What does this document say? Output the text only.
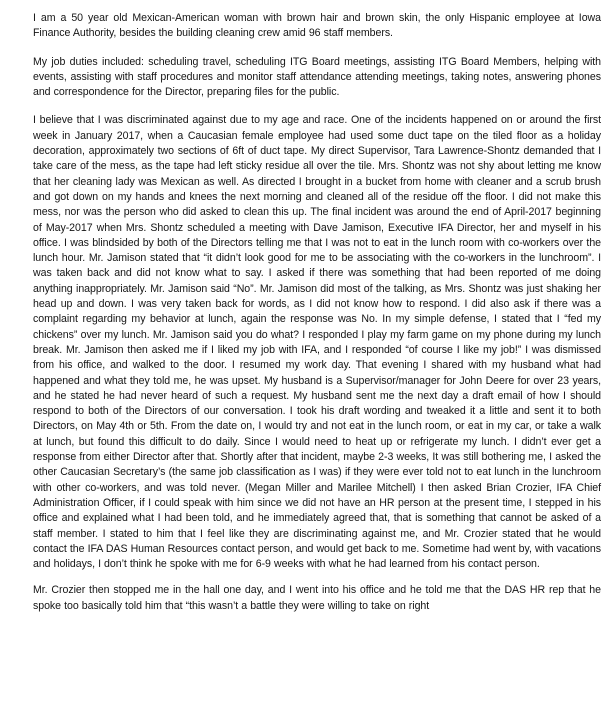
I am a 50 year old Mexican-American woman with brown hair and brown skin, the only Hispanic employee at Iowa Finance Authority, besides the building cleaning crew amid 96 staff members.

My job duties included: scheduling travel, scheduling ITG Board meetings, assisting ITG Board Members, helping with events, assisting with staff procedures and monitor staff attendance attending meetings, taking notes, answering phones and correspondence for the Director, preparing files for the public.

I believe that I was discriminated against due to my age and race. One of the incidents happened on or around the first week in January 2017, when a Caucasian female employee had used some duct tape on the tiled floor as a holiday decoration, approximately two sections of 6ft of duct tape. My direct Supervisor, Tara Lawrence-Shontz demanded that I take care of the mess, as the tape had left sticky residue all over the tile. Mrs. Shontz was not shy about letting me know that her cleaning lady was Mexican as well. As directed I brought in a bucket from home with cleaner and a scrub brush and got down on my hands and knees the next morning and cleaned all of the residue off the floor. I did not make this mess, nor was the person who did asked to clean this up. The final incident was around the end of April-2017 beginning of May-2017 when Mrs. Shontz scheduled a meeting with Dave Jamison, Executive IFA Director, her and myself in his office. I was blindsided by both of the Directors telling me that I was not to eat in the lunch room with co-workers over the lunch hour. Mr. Jamison stated that “it didn’t look good for me to be associating with the co-workers in the lunchroom”. I was taken back and did not know what to say. I asked if there was something that had been reported of me doing anything inappropriately. Mr. Jamison said “No”. Mr. Jamison did most of the talking, as Mrs. Shontz was just shaking her head up and down. I was very taken back for words, as I did not know how to respond. I did also ask if there was a complaint regarding my behavior at lunch, again the response was No. In my simple defense, I stated that I “fed my chickens” over my lunch. Mr. Jamison said you do what? I responded I play my farm game on my phone during my lunch break. Mr. Jamison then asked me if I liked my job with IFA, and I responded “of course I like my job!” I was dismissed from his office, and walked to the door. I resumed my work day. That evening I shared with my husband what had happened and what they told me, he was upset. My husband is a Supervisor/manager for John Deere for over 23 years, and he stated he had never heard of such a request. My husband sent me the next day a draft email of how I should respond to both of the Directors of our conversation. I took his draft wording and tweaked it a little and sent it to both Directors, on May 4th or 5th. From the date on, I would try and not eat in the lunch room, or eat in my car, or take a walk at lunch, but found this difficult to do daily. Since I would need to heat up or refrigerate my lunch. I didn’t ever get a response from either Director after that. Shortly after that incident, maybe 2-3 weeks, It was still bothering me, I asked the other Caucasian Secretary’s (the same job classification as I was) if they were ever told not to eat lunch in the lunchroom with other co-workers, and was told never. (Megan Miller and Marilee Mitchell) I then asked Brian Crozier, IFA Chief Administration Officer, if I could speak with him since we did not have an HR person at the present time, I stepped in his office and explained what I had been told, and he immediately agreed that, that is something that cannot be asked of a staff member. I stated to him that I feel like they are discriminating against me, and Mr. Crozier stated that he would contact the IFA DAS Human Resources contact person, and would get back to me. Sometime had went by, with vacations and holidays, I don’t think he spoke with me for 6-9 weeks with what he had learned from his contact person.

Mr. Crozier then stopped me in the hall one day, and I went into his office and he told me that the DAS HR rep that he spoke too basically told him that “this wasn’t a battle they were willing to take on right
